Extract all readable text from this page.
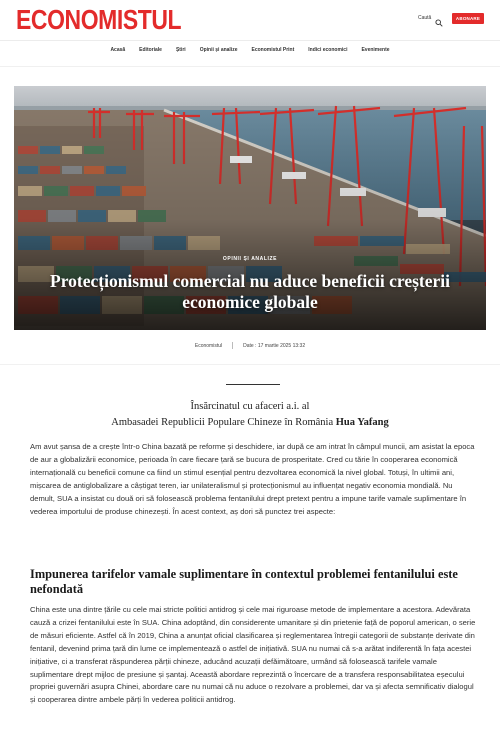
ECONOMISTUL	Caută	ABONARE
Acasă	Editoriale	Știri	Opinii și analize	Economistul Print	Indici economici	Evenimente
OPINII ȘI ANALIZE
Protecționismul comercial nu aduce beneficii creșterii economice globale
Economistul	Date : 17 martie 2025 13:32
Însărcinatul cu afaceri a.i. al
Ambasadei Republicii Populare Chineze în România Hua Yafang
Am avut șansa de a crește într-o China bazată pe reforme și deschidere, iar după ce am intrat în câmpul muncii, am asistat la epoca de aur a globalizării economice, perioada în care fiecare țară se bucura de prosperitate. Cred cu tărie în cooperarea economică internațională cu beneficii comune ca fiind un stimul esențial pentru dezvoltarea economică la nivel global. Totuși, în ultimii ani, mișcarea de antiglobalizare a câștigat teren, iar unilateralismul și protecționismul au influențat negativ economia mondială. Nu demult, SUA a insistat cu două ori să folosească problema fentanilului drept pretext pentru a impune tarife vamale suplimentare în vederea importului de produse chinezești. În acest context, aș dori să punctez trei aspecte:
Impunerea tarifelor vamale suplimentare în contextul problemei fentanilului este nefondată
China este una dintre țările cu cele mai stricte politici antidrog și cele mai riguroase metode de implementare a acestora. Adevărata cauză a crizei fentanilului este în SUA. China adoptând, din considerente umanitare și din prietenie față de poporul american, o serie de măsuri eficiente. Astfel că în 2019, China a anunțat oficial clasificarea și reglementarea întregii categorii de substanțe derivate din fentanil, devenind prima țară din lume ce implementează o astfel de inițiativă. SUA nu numai că s-a arătat indiferentă în fața acestei inițiative, ci a transferat răspunderea părții chineze, aducând acuzații defăimătoare, urmând să folosească tarifele vamale suplimentare drept mijloc de presiune și șantaj. Această abordare reprezintă o încercare de a transfera responsabilitatea eșecului propriei guvernări asupra Chinei, abordare care nu numai că nu aduce o rezolvare a problemei, dar va și afecta semnificativ dialogul și cooperarea dintre ambele părți în vederea politicii antidrog.
